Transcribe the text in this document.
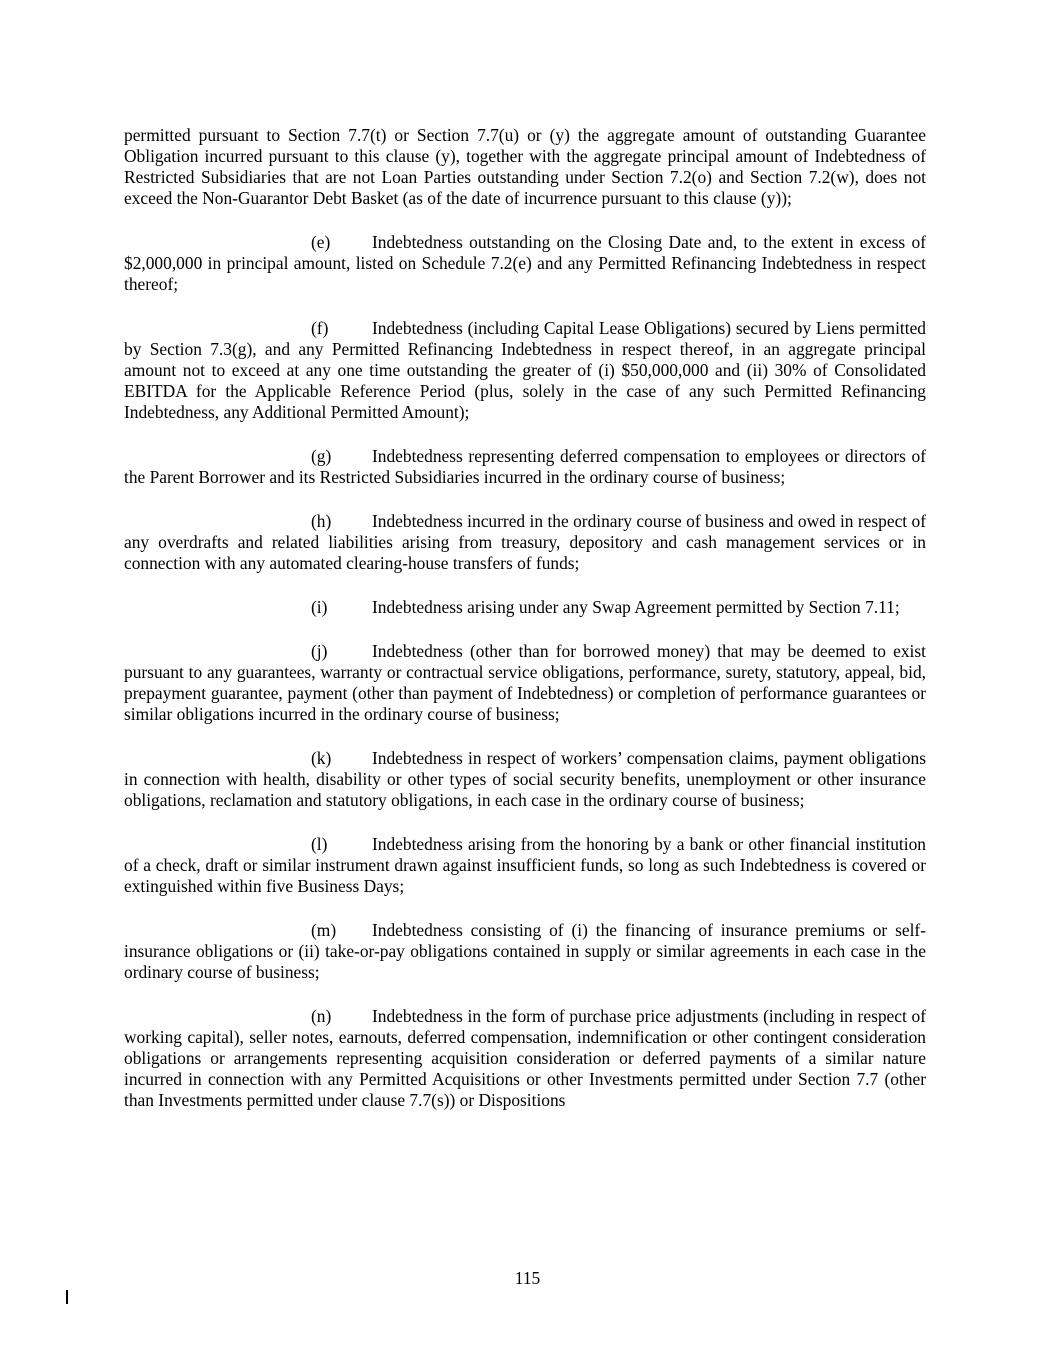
permitted pursuant to Section 7.7(t) or Section 7.7(u) or (y) the aggregate amount of outstanding Guarantee Obligation incurred pursuant to this clause (y), together with the aggregate principal amount of Indebtedness of Restricted Subsidiaries that are not Loan Parties outstanding under Section 7.2(o) and Section 7.2(w), does not exceed the Non-Guarantor Debt Basket (as of the date of incurrence pursuant to this clause (y));

(e) Indebtedness outstanding on the Closing Date and, to the extent in excess of $2,000,000 in principal amount, listed on Schedule 7.2(e) and any Permitted Refinancing Indebtedness in respect thereof;

(f)	Indebtedness (including Capital Lease Obligations) secured by Liens permitted by Section 7.3(g), and any Permitted Refinancing Indebtedness in respect thereof, in an aggregate principal amount not to exceed at any one time outstanding the greater of (i) $50,000,000 and (ii) 30% of Consolidated EBITDA for the Applicable Reference Period (plus, solely in the case of any such Permitted Refinancing Indebtedness, any Additional Permitted Amount);

(g) Indebtedness representing deferred compensation to employees or directors of the Parent Borrower and its Restricted Subsidiaries incurred in the ordinary course of business;

(h) Indebtedness incurred in the ordinary course of business and owed in respect of any overdrafts and related liabilities arising from treasury, depository and cash management services or in connection with any automated clearing-house transfers of funds;

(i)	Indebtedness arising under any Swap Agreement permitted by Section 7.11;

(j)	Indebtedness (other than for borrowed money) that may be deemed to exist pursuant to any guarantees, warranty or contractual service obligations, performance, surety, statutory, appeal, bid, prepayment guarantee, payment (other than payment of Indebtedness) or completion of performance guarantees or similar obligations incurred in the ordinary course of business;

(k) Indebtedness in respect of workers’ compensation claims, payment obligations in connection with health, disability or other types of social security benefits, unemployment or other insurance obligations, reclamation and statutory obligations, in each case in the ordinary course of business;

(l)	Indebtedness arising from the honoring by a bank or other financial institution of a check, draft or similar instrument drawn against insufficient funds, so long as such Indebtedness is covered or extinguished within five Business Days;

(m) Indebtedness consisting of (i) the financing of insurance premiums or self-insurance obligations or (ii) take-or-pay obligations contained in supply or similar agreements in each case in the ordinary course of business;

(n) Indebtedness in the form of purchase price adjustments (including in respect of working capital), seller notes, earnouts, deferred compensation, indemnification or other contingent consideration obligations or arrangements representing acquisition consideration or deferred payments of a similar nature incurred in connection with any Permitted Acquisitions or other Investments permitted under Section 7.7 (other than Investments permitted under clause 7.7(s)) or Dispositions

115
